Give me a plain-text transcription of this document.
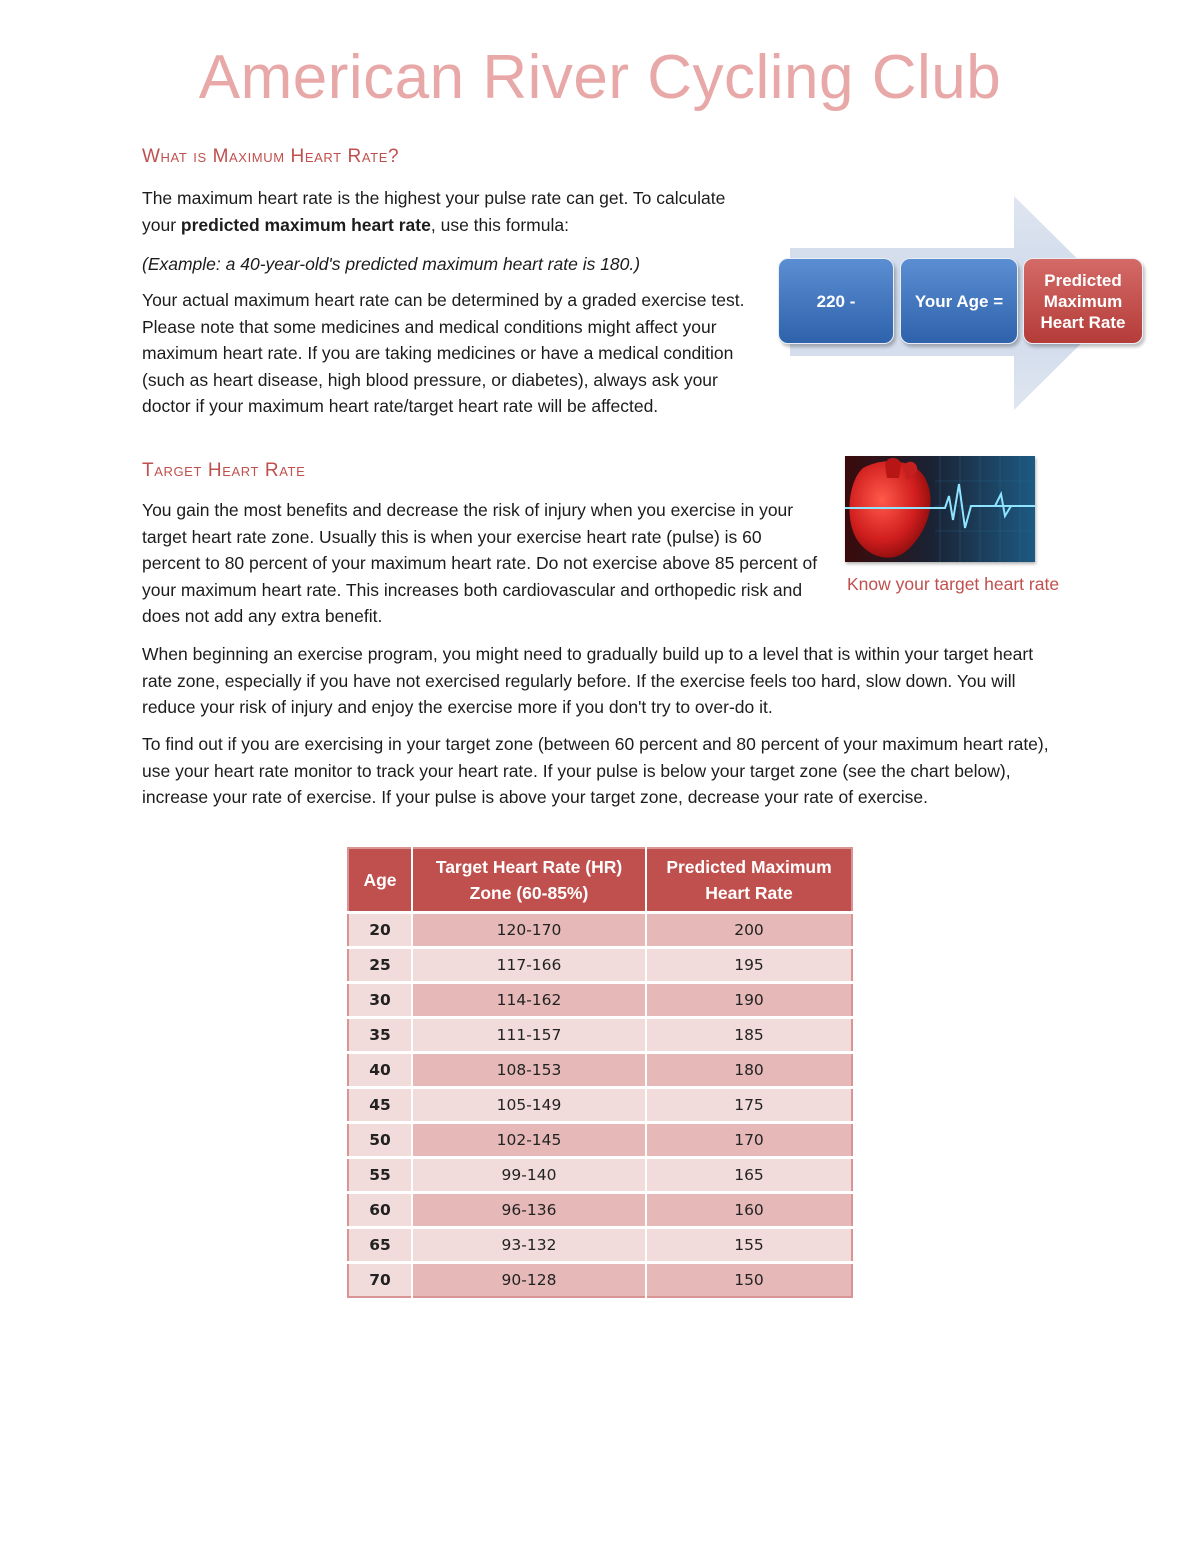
American River Cycling Club
What is Maximum Heart Rate?

The maximum heart rate is the highest your pulse rate can get. To calculate your predicted maximum heart rate, use this formula:

(Example: a 40-year-old's predicted maximum heart rate is 180.)

Your actual maximum heart rate can be determined by a graded exercise test. Please note that some medicines and medical conditions might affect your maximum heart rate. If you are taking medicines or have a medical condition (such as heart disease, high blood pressure, or diabetes), always ask your doctor if your maximum heart rate/target heart rate will be affected.

220 -	Your Age =
Predicted Maximum Heart Rate
Target Heart Rate

You gain the most benefits and decrease the risk of injury when you exercise in your target heart rate zone. Usually this is when your exercise heart rate (pulse) is 60 percent to 80 percent of your maximum heart rate. Do not exercise above 85 percent of your maximum heart rate. This increases both cardiovascular and orthopedic risk and does not add any extra benefit.

Know your target heart rate

When beginning an exercise program, you might need to gradually build up to a level that is within your target heart rate zone, especially if you have not exercised regularly before. If the exercise feels too hard, slow down. You will reduce your risk of injury and enjoy the exercise more if you don't try to over-do it.

To find out if you are exercising in your target zone (between 60 percent and 80 percent of your maximum heart rate), use your heart rate monitor to track your heart rate. If your pulse is below your target zone (see the chart below), increase your rate of exercise. If your pulse is above your target zone, decrease your rate of exercise.

Age	Target Heart Rate (HR) Zone (60-85%)	Predicted Maximum Heart Rate
20	120-170	200
25	117-166	195
30	114-162	190
35	111-157	185
40	108-153	180
45	105-149	175
50	102-145	170
55	99-140	165
60	96-136	160
65	93-132	155
70	90-128	150
